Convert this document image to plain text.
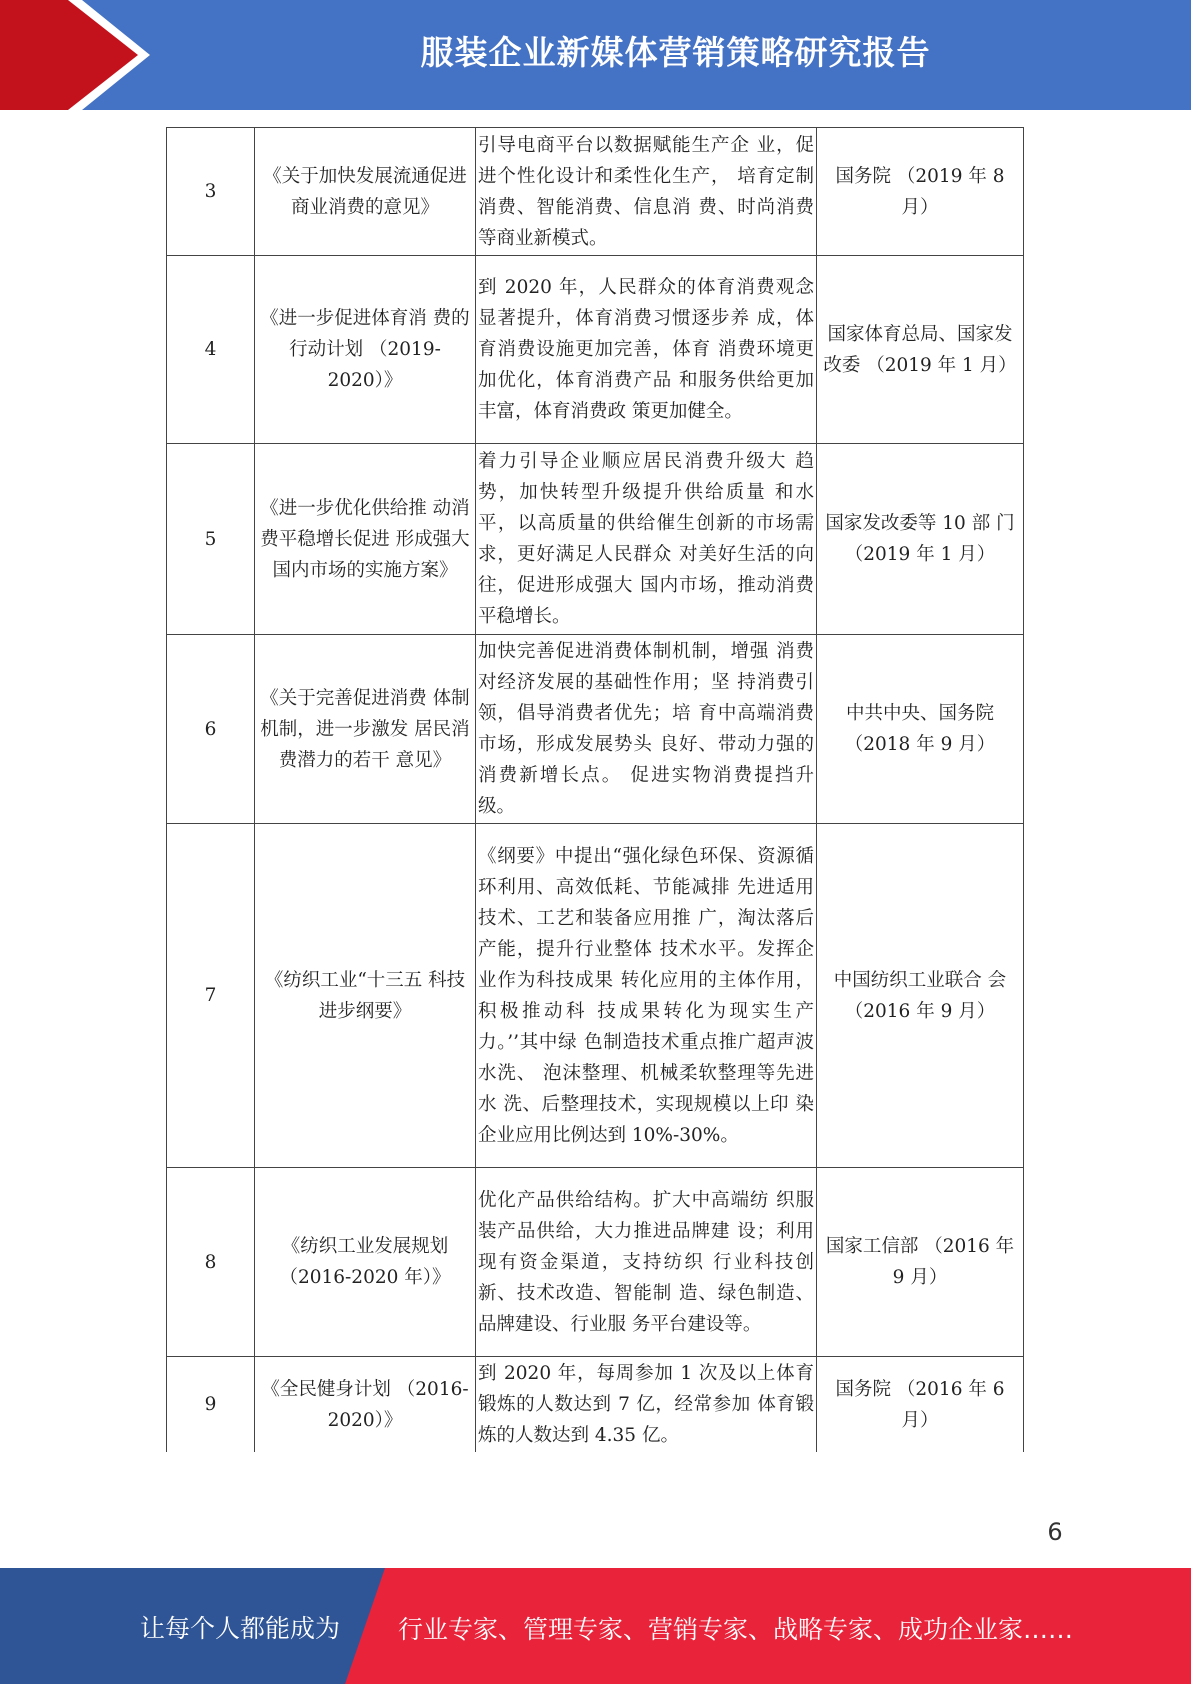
服装企业新媒体营销策略研究报告
3	《关于加快发展流通促进商业消费的意见》	引导电商平台以数据赋能生产企 业，促进个性化设计和柔性化生产， 培育定制消费、智能消费、信息消 费、时尚消费等商业新模式。	国务院 （2019 年 8 月）
4	《进一步促进体育消 费的行动计划 （2019-2020）》	到 2020 年，人民群众的体育消费观念显著提升，体育消费习惯逐步养 成，体育消费设施更加完善，体育 消费环境更加优化，体育消费产品 和服务供给更加丰富，体育消费政 策更加健全。	国家体育总局、国家发改委 （2019 年 1 月）
5	《进一步优化供给推 动消费平稳增长促进 形成强大国内市场的实施方案》	着力引导企业顺应居民消费升级大 趋势，加快转型升级提升供给质量 和水平，以高质量的供给催生创新的市场需求，更好满足人民群众 对美好生活的向往，促进形成强大 国内市场，推动消费平稳增长。	国家发改委等 10 部 门 （2019 年 1 月）
6	《关于完善促进消费 体制机制，进一步激发 居民消费潜力的若干 意见》	加快完善促进消费体制机制，增强 消费对经济发展的基础性作用；坚 持消费引领，倡导消费者优先；培 育中高端消费市场，形成发展势头 良好、带动力强的消费新增长点。 促进实物消费提挡升级。	中共中央、国务院 （2018 年 9 月）
7	《纺织工业“十三五 科技进步纲要》	《纲要》中提出“强化绿色环保、资源循环利用、高效低耗、节能减排 先进适用技术、工艺和装备应用推 广，淘汰落后产能，提升行业整体 技术水平。发挥企业作为科技成果 转化应用的主体作用，积极推动科 技成果转化为现实生产力。’’其中绿 色制造技术重点推广超声波水洗、 泡沫整理、机械柔软整理等先进水 洗、后整理技术，实现规模以上印 染企业应用比例达到 10%-30%。	中国纺织工业联合 会 （2016 年 9 月）
8	《纺织工业发展规划 （2016-2020 年）》	优化产品供给结构。扩大中高端纺 织服装产品供给，大力推进品牌建 设；利用现有资金渠道，支持纺织 行业科技创新、技术改造、智能制 造、绿色制造、品牌建设、行业服 务平台建设等。	国家工信部 （2016 年 9 月）
9	《全民健身计划 （2016-2020）》	到 2020 年，每周参加 1 次及以上体育锻炼的人数达到 7 亿，经常参加 体育锻炼的人数达到 4.35 亿。	国务院 （2016 年 6 月）
6
让每个人都能成为 行业专家、管理专家、营销专家、战略专家、成功企业家……
